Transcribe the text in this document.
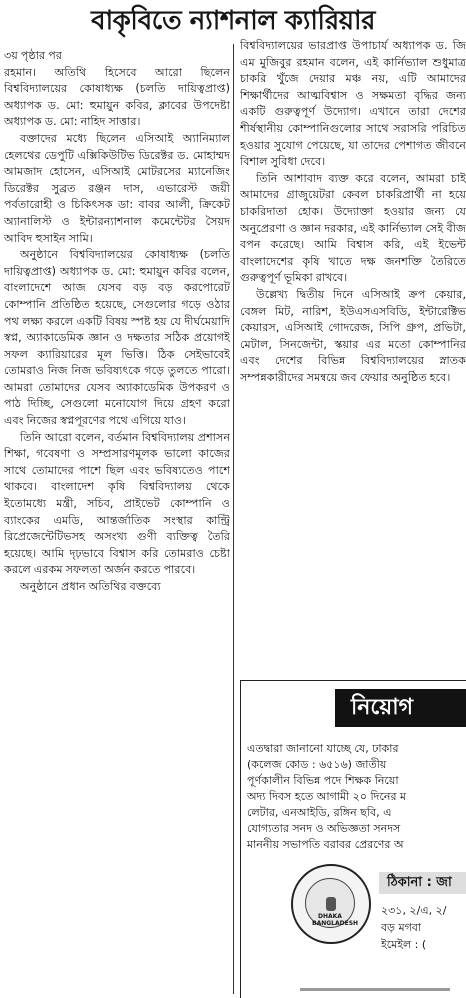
বাকৃবিতে ন্যাশনাল ক্যারিয়ার

৩য় পৃষ্ঠার পর

রহমান। অতিথি হিসেবে আরো ছিলেন বিশ্ববিদ্যালয়ের কোষাধ্যক্ষ (চলতি দায়িত্বপ্রাপ্ত) অধ্যাপক ড. মো: হুমায়ুন কবির, ক্লাবের উপদেষ্টা অধ্যাপক ড. মো: নাহিদ সাত্তার।

বক্তাদের মধ্যে ছিলেন এসিআই অ্যানিম্যাল হেলথের ডেপুটি এক্সিকিউটিভ ডিরেক্টর ড. মোহাম্মদ আমজাদ হোসেন, এসিআই মোটরসের ম্যানেজিং ডিরেক্টর সুব্রত রঞ্জন দাস, এভারেস্ট জয়ী পর্বতারোহী ও চিকিৎসক ডা: বাবর আলী, ক্রিকেট অ্যানালিস্ট ও ইন্টারন্যাশনাল কমেন্টেটর সৈয়দ আবিদ হুসাইন সামি।

অনুষ্ঠানে বিশ্ববিদ্যালয়ের কোষাধ্যক্ষ (চলতি দায়িত্বপ্রাপ্ত) অধ্যাপক ড. মো: হুমায়ুন কবির বলেন, বাংলাদেশে আজ যেসব বড় বড় করপোরেট কোম্পানি প্রতিষ্ঠিত হয়েছে, সেগুলোর গড়ে ওঠার পথ লক্ষ্য করলে একটি বিষয় স্পষ্ট হয় যে দীর্ঘমেয়াদি স্বপ্ন, অ্যাকাডেমিক জ্ঞান ও দক্ষতার সঠিক প্রয়োগই সফল ক্যারিয়ারের মূল ভিত্তি। ঠিক সেইভাবেই তোমরাও নিজ নিজ ভবিষ্যৎকে গড়ে তুলতে পারো। আমরা তোমাদের যেসব অ্যাকাডেমিক উপকরণ ও পাঠ দিচ্ছি, সেগুলো মনোযোগ দিয়ে গ্রহণ করো এবং নিজের স্বপ্নপূরণের পথে এগিয়ে যাও।

তিনি আরো বলেন, বর্তমান বিশ্ববিদ্যালয় প্রশাসন শিক্ষা, গবেষণা ও সম্প্রসারণমূলক ভালো কাজের সাথে তোমাদের পাশে ছিল এবং ভবিষ্যতেও পাশে থাকবে। বাংলাদেশ কৃষি বিশ্ববিদ্যালয় থেকে ইতোমধ্যে মন্ত্রী, সচিব, প্রাইভেট কোম্পানি ও ব্যাংকের এমডি, আন্তর্জাতিক সংস্থার কান্ট্রি রিপ্রেজেন্টেটিভসহ অসংখ্য গুণী ব্যক্তিত্ব তৈরি হয়েছে। আমি দৃঢ়ভাবে বিশ্বাস করি তোমরাও চেষ্টা করলে এরকম সফলতা অর্জন করতে পারবে।

অনুষ্ঠানে প্রধান অতিথির বক্তব্যে

বিশ্ববিদ্যালয়ের ভারপ্রাপ্ত উপাচার্য অধ্যাপক ড. জি এম মুজিবুর রহমান বলেন, এই কার্নিভ্যাল শুধুমাত্র চাকরি খুঁজে দেয়ার মঞ্চ নয়, এটি আমাদের শিক্ষার্থীদের আত্মবিশ্বাস ও সক্ষমতা বৃদ্ধির জন্য একটি গুরুত্বপূর্ণ উদ্যোগ। এখানে তারা দেশের শীর্ষস্থানীয় কোম্পানিগুলোর সাথে সরাসরি পরিচিত হওয়ার সুযোগ পেয়েছে, যা তাদের পেশাগত জীবনে বিশাল সুবিধা দেবে।

তিনি আশাবাদ ব্যক্ত করে বলেন, আমরা চাই আমাদের গ্রাজুয়েটরা কেবল চাকরিপ্রার্থী না হয়ে চাকরিদাতা হোক। উদ্যোক্তা হওয়ার জন্য যে অনুপ্রেরণা ও জ্ঞান দরকার, এই কার্নিভ্যাল সেই বীজ বপন করেছে। আমি বিশ্বাস করি, এই ইভেন্ট বাংলাদেশের কৃষি খাতে দক্ষ জনশক্তি তৈরিতে গুরুত্বপূর্ণ ভূমিকা রাখবে।

উল্লেখ্য দ্বিতীয় দিনে এসিআই ক্রপ কেয়ার, বেঙ্গল মিট, নারিশ, ইউএসএসবিডি, ইন্টারেক্টিভ কেয়ারস, এসিআই গোদরেজ, সিপি গ্রুপ, প্রভিটা, মেটাল, সিনজেন্টা, স্কয়ার এর মতো কোম্পানির এবং দেশের বিভিন্ন বিশ্ববিদ্যালয়ের স্নাতক সম্পন্নকারীদের সমন্বয়ে জব ফেয়ার অনুষ্ঠিত হবে।

নিয়োগ
এতদ্বারা জানানো যাচ্ছে যে, ঢাকার
(কলেজ কোড : ৬৫১৬) জাতীয়
পূর্ণকালীন বিভিন্ন পদে শিক্ষক নিয়ো
অদ্য দিবস হতে আগামী ২০ দিনের ম
লেটার, এনআইডি, রঙ্গিন ছবি, এ
যোগ্যতার সনদ ও অভিজ্ঞতা সনদস
মাননীয় সভাপতি বরাবর প্রেরণের অ
DHAKA BANGLADESH
ঠিকানা : জা
২৩১, ২/এ, ২/
বড় মগবা
ইমেইল : (
